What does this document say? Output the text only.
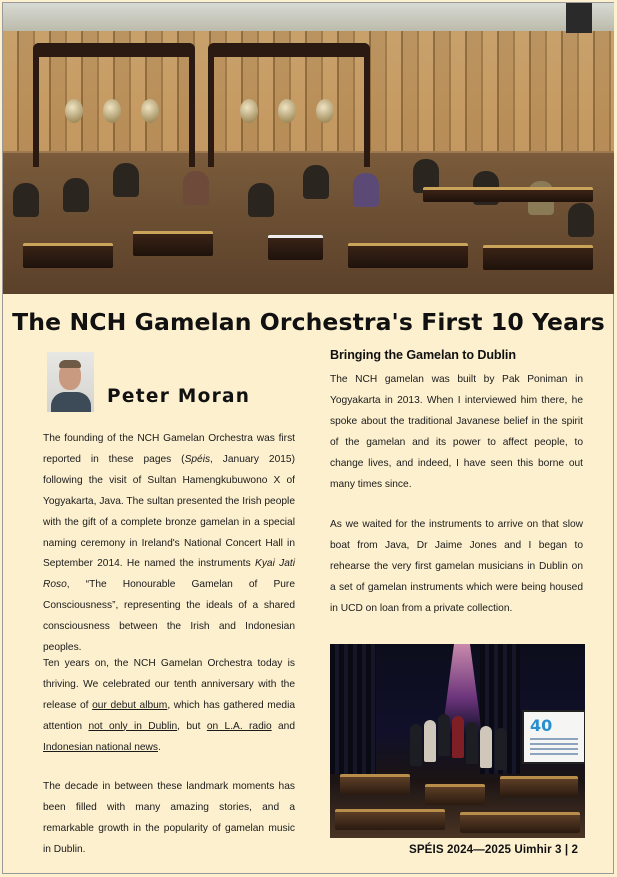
The NCH Gamelan Orchestra's First 10 Years
Peter Moran

The founding of the NCH Gamelan Orchestra was first reported in these pages (Spéis, January 2015) following the visit of Sultan Hamengkubuwono X of Yogyakarta, Java. The sultan presented the Irish people with the gift of a complete bronze gamelan in a special naming ceremony in Ireland's National Concert Hall in September 2014. He named the instruments Kyai Jati Roso, “The Honourable Gamelan of Pure Consciousness”, representing the ideals of a shared consciousness between the Irish and Indonesian peoples.

Ten years on, the NCH Gamelan Orchestra today is thriving. We celebrated our tenth anniversary with the release of our debut album, which has gathered media attention not only in Dublin, but on L.A. radio and Indonesian national news.

The decade in between these landmark moments has been filled with many amazing stories, and a remarkable growth in the popularity of gamelan music in Dublin.

Bringing the Gamelan to Dublin

The NCH gamelan was built by Pak Poniman in Yogyakarta in 2013. When I interviewed him there, he spoke about the traditional Javanese belief in the spirit of the gamelan and its power to affect people, to change lives, and indeed, I have seen this borne out many times since.

As we waited for the instruments to arrive on that slow boat from Java, Dr Jaime Jones and I began to rehearse the very first gamelan musicians in Dublin on a set of gamelan instruments which were being housed in UCD on loan from a private collection.

40
SPÉIS 2024—2025 Uimhir 3 | 2
